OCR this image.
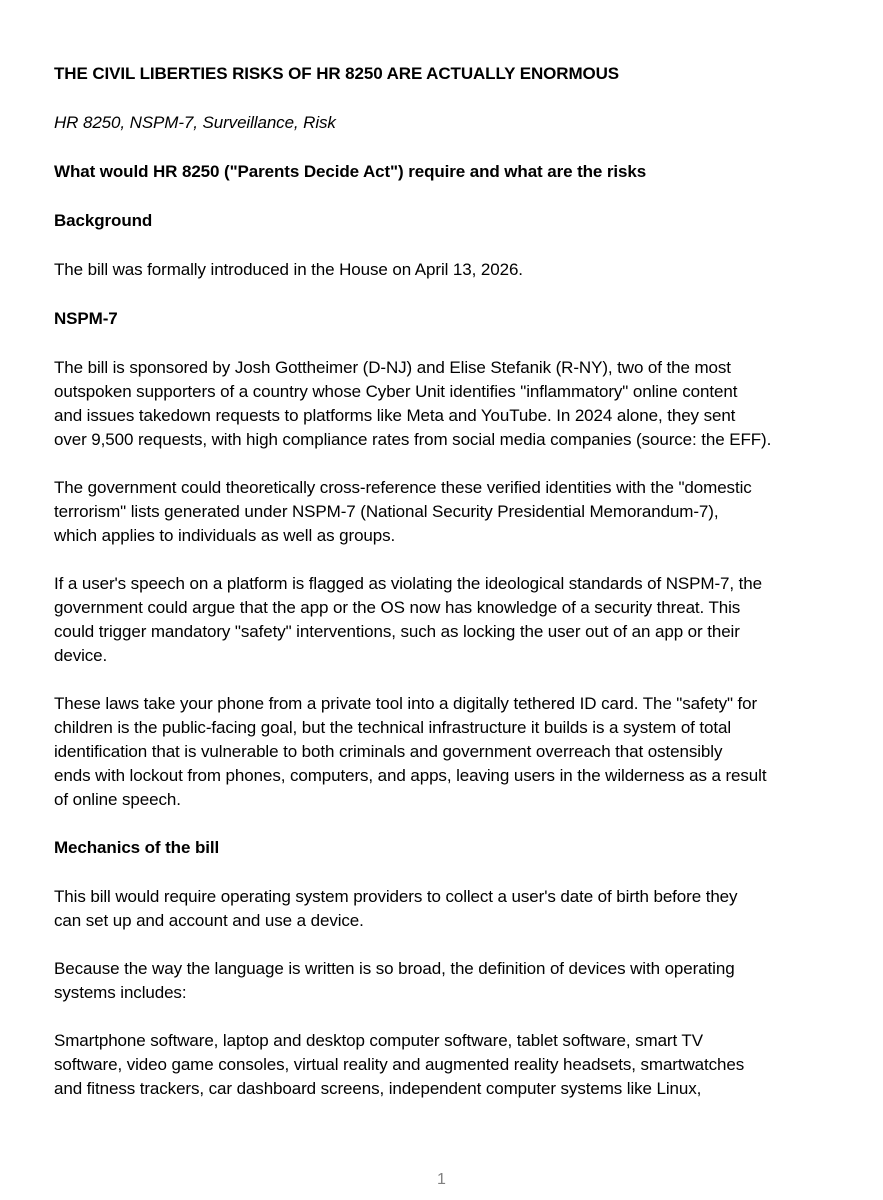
THE CIVIL LIBERTIES RISKS OF HR 8250 ARE ACTUALLY ENORMOUS

HR 8250, NSPM-7, Surveillance, Risk

What would HR 8250 ("Parents Decide Act") require and what are the risks

Background

The bill was formally introduced in the House on April 13, 2026.

NSPM-7

The bill is sponsored by Josh Gottheimer (D-NJ) and Elise Stefanik (R-NY), two of the most

outspoken supporters of a country whose Cyber Unit identifies "inflammatory" online content

and issues takedown requests to platforms like Meta and YouTube. In 2024 alone, they sent

over 9,500 requests, with high compliance rates from social media companies (source: the EFF).

The government could theoretically cross-reference these verified identities with the "domestic

terrorism" lists generated under NSPM-7 (National Security Presidential Memorandum-7),

which applies to individuals as well as groups.

If a user's speech on a platform is flagged as violating the ideological standards of NSPM-7, the

government could argue that the app or the OS now has knowledge of a security threat. This

could trigger mandatory "safety" interventions, such as locking the user out of an app or their

device.

These laws take your phone from a private tool into a digitally tethered ID card. The "safety" for

children is the public-facing goal, but the technical infrastructure it builds is a system of total

identification that is vulnerable to both criminals and government overreach that ostensibly

ends with lockout from phones, computers, and apps, leaving users in the wilderness as a result

of online speech.

Mechanics of the bill

This bill would require operating system providers to collect a user's date of birth before they

can set up and account and use a device.

Because the way the language is written is so broad, the definition of devices with operating

systems includes:

Smartphone software, laptop and desktop computer software, tablet software, smart TV

software, video game consoles, virtual reality and augmented reality headsets, smartwatches

and fitness trackers, car dashboard screens, independent computer systems like Linux,

1
